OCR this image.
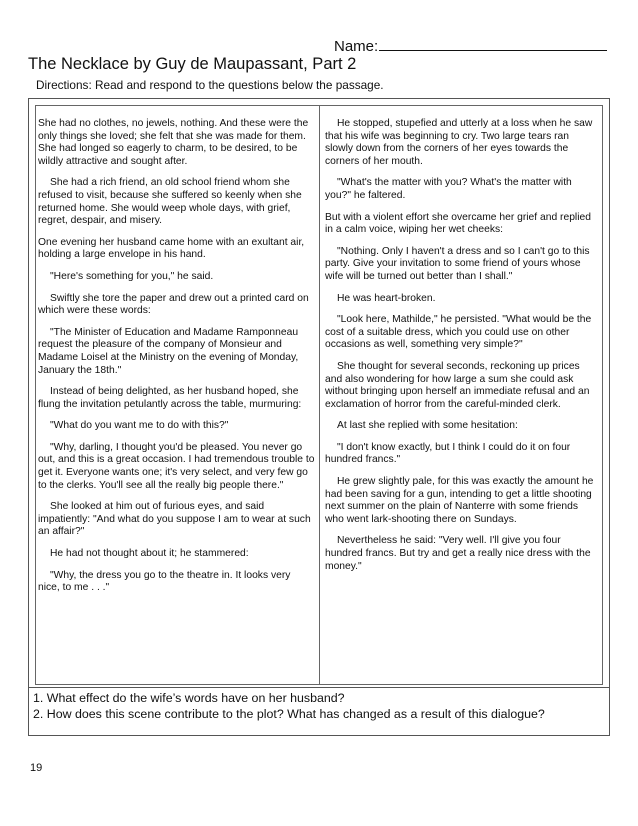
Name:
The Necklace by Guy de Maupassant, Part 2
Directions: Read and respond to the questions below the passage.

She had no clothes, no jewels, nothing. And these were the only things she loved; she felt that she was made for them. She had longed so eagerly to charm, to be desired, to be wildly attractive and sought after.

She had a rich friend, an old school friend whom she refused to visit, because she suffered so keenly when she returned home. She would weep whole days, with grief, regret, despair, and misery.

One evening her husband came home with an exultant air, holding a large envelope in his hand.

"Here's something for you," he said.

Swiftly she tore the paper and drew out a printed card on which were these words:

"The Minister of Education and Madame Ramponneau request the pleasure of the company of Monsieur and Madame Loisel at the Ministry on the evening of Monday, January the 18th."

Instead of being delighted, as her husband hoped, she flung the invitation petulantly across the table, murmuring:

"What do you want me to do with this?"

"Why, darling, I thought you'd be pleased. You never go out, and this is a great occasion. I had tremendous trouble to get it. Everyone wants one; it's very select, and very few go to the clerks. You'll see all the really big people there."

She looked at him out of furious eyes, and said impatiently: "And what do you suppose I am to wear at such an affair?"

He had not thought about it; he stammered:

"Why, the dress you go to the theatre in. It looks very nice, to me . . ."

He stopped, stupefied and utterly at a loss when he saw that his wife was beginning to cry. Two large tears ran slowly down from the corners of her eyes towards the corners of her mouth.

"What's the matter with you? What's the matter with you?" he faltered.

But with a violent effort she overcame her grief and replied in a calm voice, wiping her wet cheeks:

"Nothing. Only I haven't a dress and so I can't go to this party. Give your invitation to some friend of yours whose wife will be turned out better than I shall."

He was heart-broken.

"Look here, Mathilde," he persisted. "What would be the cost of a suitable dress, which you could use on other occasions as well, something very simple?"

She thought for several seconds, reckoning up prices and also wondering for how large a sum she could ask without bringing upon herself an immediate refusal and an exclamation of horror from the careful-minded clerk.

At last she replied with some hesitation:

"I don't know exactly, but I think I could do it on four hundred francs."

He grew slightly pale, for this was exactly the amount he had been saving for a gun, intending to get a little shooting next summer on the plain of Nanterre with some friends who went lark-shooting there on Sundays.

Nevertheless he said: "Very well. I'll give you four hundred francs. But try and get a really nice dress with the money."

1. What effect do the wife’s words have on her husband?

2. How does this scene contribute to the plot? What has changed as a result of this dialogue?

19
